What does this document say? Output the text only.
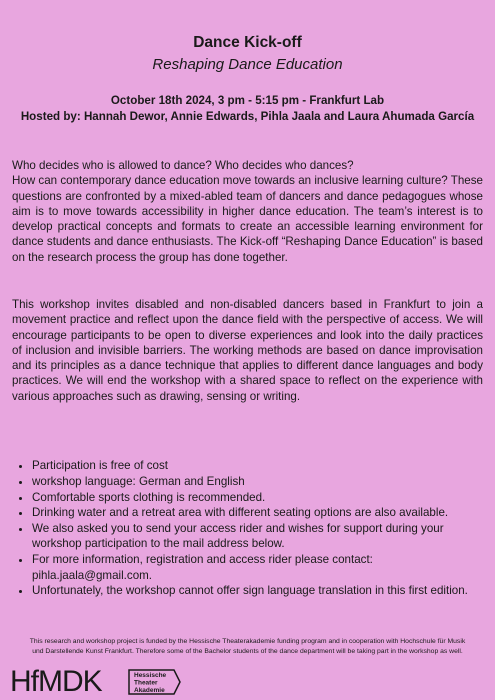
Dance Kick-off
Reshaping Dance Education
October 18th 2024, 3 pm - 5:15 pm - Frankfurt Lab
Hosted by: Hannah Dewor, Annie Edwards, Pihla Jaala and Laura Ahumada García

Who decides who is allowed to dance? Who decides who dances?

How can contemporary dance education move towards an inclusive learning culture? These questions are confronted by a mixed-abled team of dancers and dance pedagogues whose aim is to move towards accessibility in higher dance education. The team’s interest is to develop practical concepts and formats to create an accessible learning environment for dance students and dance enthusiasts. The Kick-off “Reshaping Dance Education” is based on the research process the group has done together.

This workshop invites disabled and non-disabled dancers based in Frankfurt to join a movement practice and reflect upon the dance field with the perspective of access. We will encourage participants to be open to diverse experiences and look into the daily practices of inclusion and invisible barriers. The working methods are based on dance improvisation and its principles as a dance technique that applies to different dance languages and body practices. We will end the workshop with a shared space to reflect on the experience with various approaches such as drawing, sensing or writing.

• Participation is free of cost
• workshop language: German and English
• Comfortable sports clothing is recommended.
• Drinking water and a retreat area with different seating options are also available.
• We also asked you to send your access rider and wishes for support during your workshop participation to the mail address below.
• For more information, registration and access rider please contact: pihla.jaala@gmail.com.
• Unfortunately, the workshop cannot offer sign language translation in this first edition.
This research and workshop project is funded by the Hessische Theaterakademie funding program and in cooperation with Hochschule für Musik und Darstellende Kunst Frankfurt. Therefore some of the Bachelor students of the dance department will be taking part in the workshop as well.
HfMDK	Hessische
Theater
Akademie
